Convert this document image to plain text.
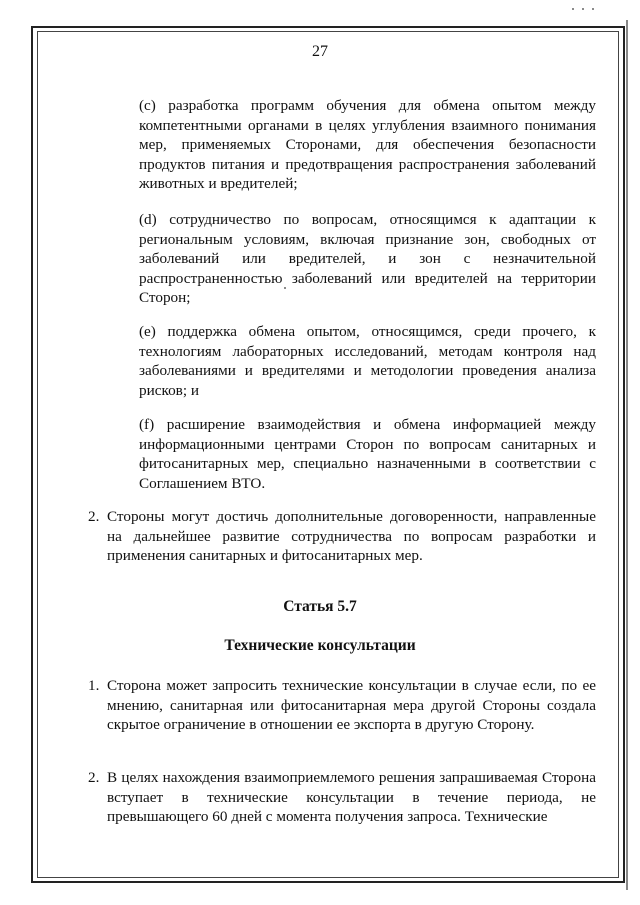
27

(c) разработка программ обучения для обмена опытом между компетентными органами в целях углубления взаимного понимания мер, применяемых Сторонами, для обеспечения безопасности продуктов питания и предотвращения распространения заболеваний животных и вредителей;

(d) сотрудничество по вопросам, относящимся к адаптации к региональным условиям, включая признание зон, свободных от заболеваний или вредителей, и зон с незначительной распространенностью заболеваний или вредителей на территории Сторон;

(e) поддержка обмена опытом, относящимся, среди прочего, к технологиям лабораторных исследований, методам контроля над заболеваниями и вредителями и методологии проведения анализа рисков; и

(f) расширение взаимодействия и обмена информацией между информационными центрами Сторон по вопросам санитарных и фитосанитарных мер, специально назначенными в соответствии с Соглашением ВТО.

2. Стороны могут достичь дополнительные договоренности, направленные на дальнейшее развитие сотрудничества по вопросам разработки и применения санитарных и фитосанитарных мер.

Статья 5.7
Технические консультации
1. Сторона может запросить технические консультации в случае если, по ее мнению, санитарная или фитосанитарная мера другой Стороны создала скрытое ограничение в отношении ее экспорта в другую Сторону.

2. В целях нахождения взаимоприемлемого решения запрашиваемая Сторона вступает в технические консультации в течение периода, не превышающего 60 дней с момента получения запроса. Технические
